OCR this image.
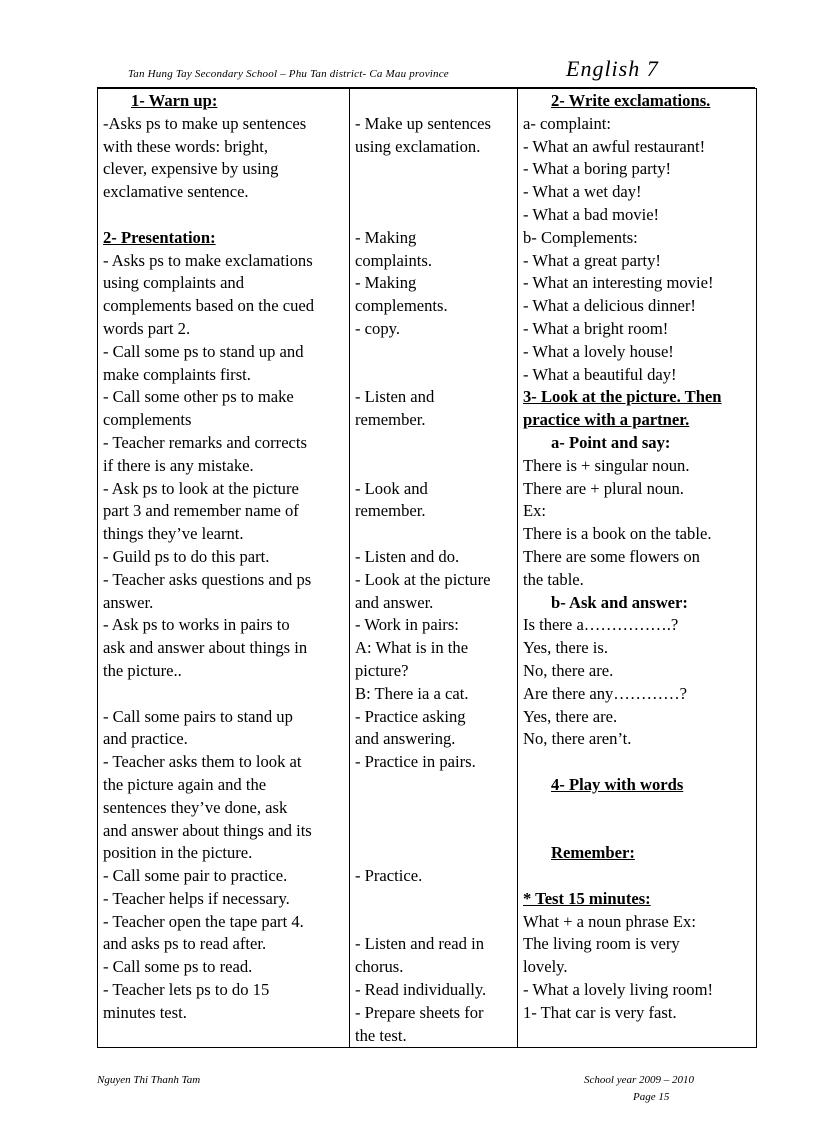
Tan Hung Tay Secondary School – Phu Tan district- Ca Mau province	English 7
1- Warn up:
-Asks ps to make up sentences
with these words: bright,
clever, expensive by using
exclamative sentence.
2- Presentation:
- Asks ps to make exclamations
using complaints and
complements based on the cued
words part 2.
- Call some ps to stand up and
make complaints first.
- Call some other ps to make
complements
- Teacher remarks and corrects
if there is any mistake.
- Ask ps to look at the picture
part 3 and remember name of
things they’ve learnt.
- Guild ps to do this part.
- Teacher asks questions and ps
answer.
- Ask ps to works in pairs to
ask and answer about things in
the picture..
- Call some pairs to stand up
and practice.
- Teacher asks them to look at
the picture again and the
sentences they’ve done, ask
and answer about things and its
position in the picture.
- Call some pair to practice.
- Teacher helps if necessary.
- Teacher open the tape part 4.
and asks ps to read after.
- Call some ps to read.
- Teacher lets ps to do 15
minutes test.

- Make up sentences
using exclamation.
- Making
complaints.
- Making
complements.
- copy.
- Listen and
remember.
- Look and
remember.
- Listen and do.
- Look at the picture
and answer.
- Work in pairs:
A: What is in the
picture?
B: There ia a cat.
- Practice asking
and answering.
- Practice in pairs.
- Practice.
- Listen and read in
chorus.
- Read individually.
- Prepare sheets for
the test.

2- Write exclamations.
a- complaint:
- What an awful restaurant!
- What a boring party!
- What a wet day!
- What a bad movie!
b- Complements:
- What a great party!
- What an interesting movie!
- What a delicious dinner!
- What a bright room!
- What a lovely house!
- What a beautiful day!
3- Look at the picture. Then
practice with a partner.
a- Point and say:
There is + singular noun.
There are + plural noun.
Ex:
There is a book on the table.
There are some flowers on
the table.
b- Ask and answer:
Is there a…………….?
Yes, there is.
No, there are.
Are there any…………?
Yes, there are.
No, there aren’t.
4- Play with words
Remember:
* Test 15 minutes:
What + a noun phrase Ex:
The living room is very
lovely.
- What a lovely living room!
1- That car is very fast.
Nguyen Thi Thanh Tam	School year 2009 – 2010
Page 15
